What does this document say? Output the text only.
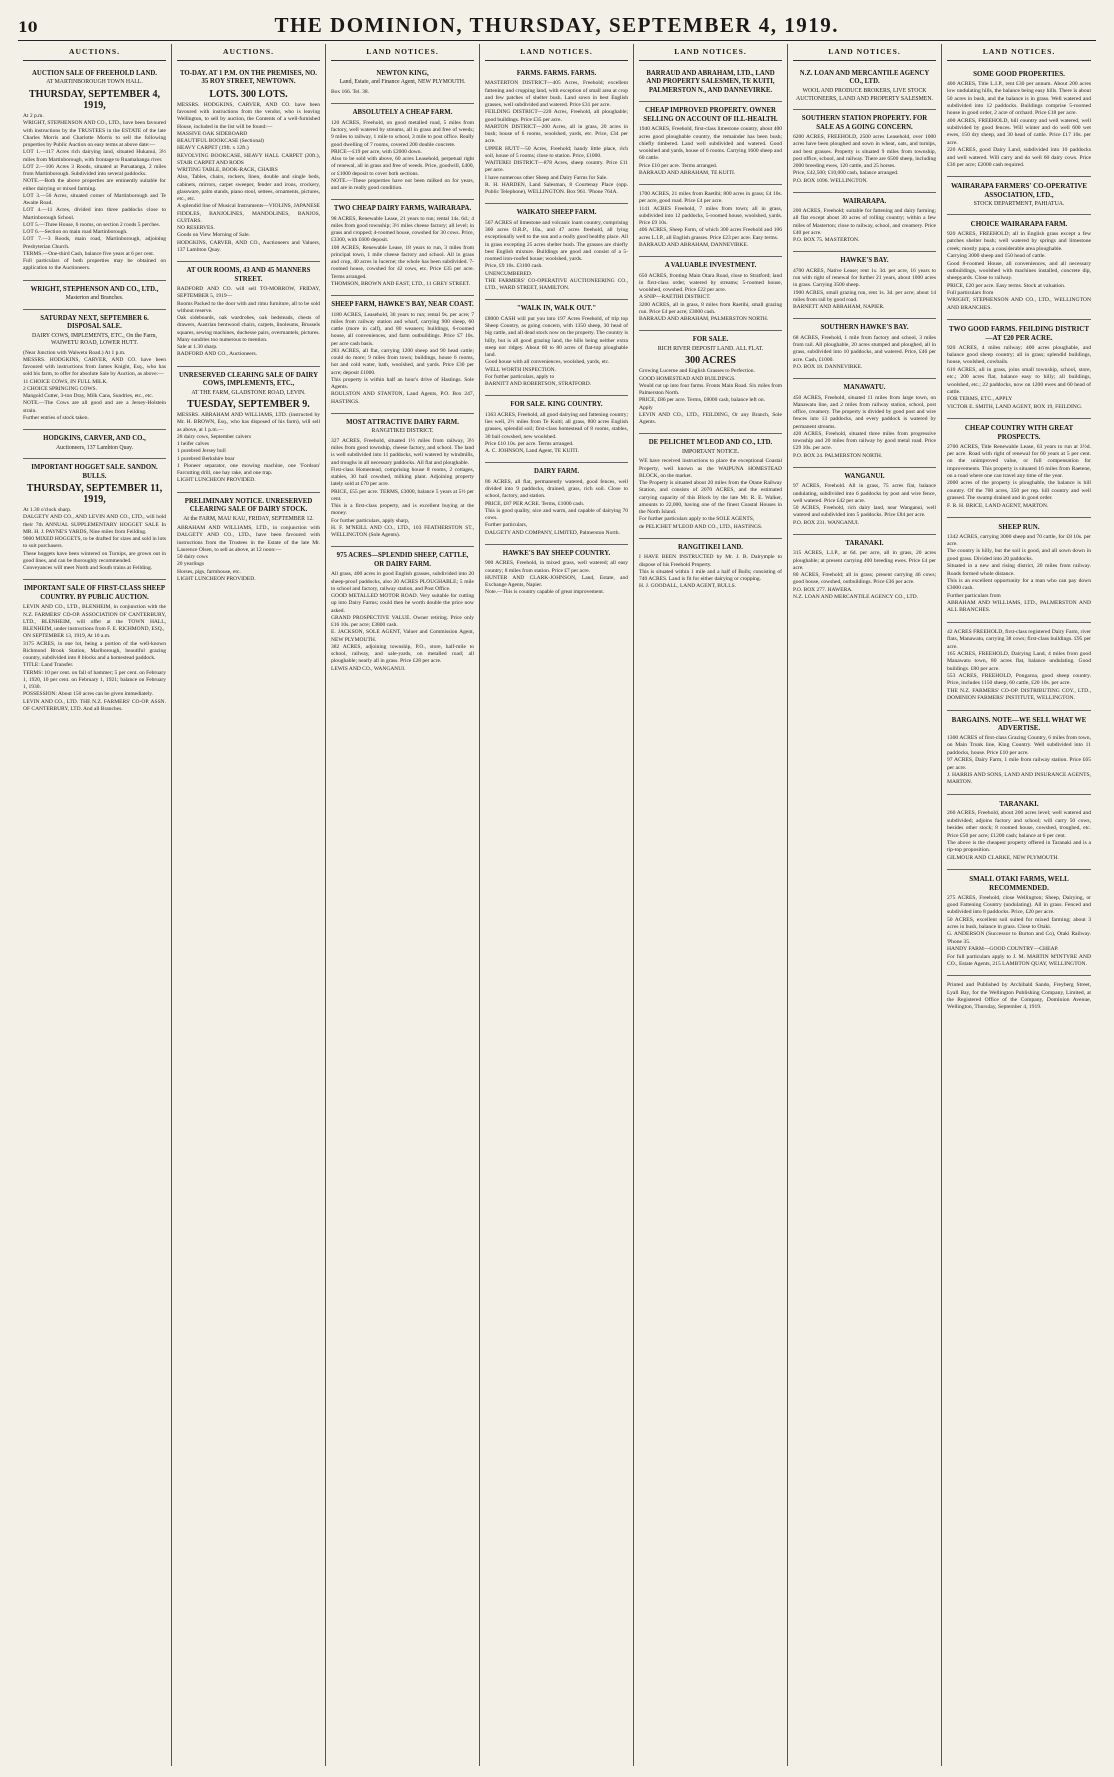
10	THE DOMINION, THURSDAY, SEPTEMBER 4, 1919.
AUCTIONS.
AUCTION SALE OF FREEHOLD LAND.
AT MARTINBOROUGH TOWN HALL.
THURSDAY, SEPTEMBER 4, 1919,
At 2 p.m.
WRIGHT, STEPHENSON AND CO., LTD., have been favoured with instructions by the TRUSTEES in the ESTATE of the late Charles Morris and Charlotte Morris to sell the following properties by Public Auction on easy terms at above date:—
LOT 1.—117 Acres rich dairying land, situated Hukanui, 3½ miles from Martinborough, with frontage to Ruamahanga river.
LOT 2.—106 Acres 3 Roods, situated at Puruatanga, 2 miles from Martinborough. Subdivided into several paddocks.
NOTE.—Both the above properties are eminently suitable for either dairying or mixed farming.
LOT 3.—56 Acres, situated corner of Martinborough and Te Awaite Road.
LOT 4.—11 Acres, divided into three paddocks close to Martinborough School.
LOT 5.—Three House, 6 rooms, on section 2 roods 5 perches.
LOT 6.—Section on main road Martinborough.
LOT 7.—3 Roods, main road, Martinborough, adjoining Presbyterian Church.
TERMS.—One-third Cash, balance five years at 6 per cent.
Full particulars of both properties may be obtained on application to the Auctioneers.
WRIGHT, STEPHENSON AND CO., LTD.,
Masterton and Branches.
SATURDAY NEXT, SEPTEMBER 6. DISPOSAL SALE.
DAIRY COWS, IMPLEMENTS, ETC., On the Farm, WAIWETU ROAD, LOWER HUTT.
(Near Junction with Waiwetu Road.) At 1 p.m.
MESSRS. HODGKINS, CARVER, AND CO. have been favoured with instructions from James Knight, Esq., who has sold his farm, to offer for absolute Sale by Auction, as above:—
11 CHOICE COWS, IN FULL MILK.
2 CHOICE SPRINGING COWS.
Mangold Cutter, 3-ton Dray, Milk Cans, Sundries, etc., etc.
NOTE.—The Cows are all good and are a Jersey-Holstein strain.
Further entries of stock taken.
HODGKINS, CARVER, AND CO.,
Auctioneers, 137 Lambton Quay.
IMPORTANT HOGGET SALE. SANDON. BULLS.
THURSDAY, SEPTEMBER 11, 1919,
At 1.30 o'clock sharp.
DALGETY AND CO., AND LEVIN AND CO., LTD., will hold their 7th ANNUAL SUPPLEMENTARY HOGGET SALE In MR. H. J. PAYNE'S YARDS, Nine miles from Feilding.
9000 MIXED HOGGETS, to be drafted for sizes and sold in lots to suit purchasers.
These hoggets have been wintered on Turnips, are grown out in good lines, and can be thoroughly recommended.
Conveyances will meet North and South trains at Feilding.
IMPORTANT SALE OF FIRST-CLASS SHEEP COUNTRY. BY PUBLIC AUCTION.
LEVIN AND CO., LTD., BLENHEIM, in conjunction with the N.Z. FARMERS' CO-OP. ASSOCIATION OF CANTERBURY, LTD., BLENHEIM, will offer at the TOWN HALL, BLENHEIM, under instructions from F. E. RICHMOND, ESQ.,
ON SEPTEMBER 13, 1919, At 10 a.m.
3175 ACRES, in one lot, being a portion of the well-known Richmond Brook Station, Marlborough, beautiful grazing country, subdivided into 8 blocks and a homestead paddock.
TITLE: Land Transfer.
TERMS: 10 per cent. on fall of hammer; 5 per cent. on February 1, 1920, 10 per cent. on February 1, 1921; balance on February 1, 1930.
POSSESSION: About 150 acres can be given immediately.
LEVIN AND CO., LTD. THE N.Z. FARMERS' CO-OP. ASSN. OF CANTERBURY, LTD. And all Branches.
AUCTIONS.
TO-DAY. AT 1 P.M. ON THE PREMISES, NO. 35 ROY STREET, NEWTOWN.
LOTS. 300 LOTS.
MESSRS. HODGKINS, CARVER, AND CO. have been favoured with instructions from the vendor, who is leaving Wellington, to sell by auction, the Contents of a well-furnished House, included in the list will be found:—
MASSIVE OAK SIDEBOARD
BEAUTIFUL BOOKCASE (Sectional)
HEAVY CARPET (19ft. x 12ft.)
REVOLVING BOOKCASE, HEAVY HALL CARPET (20ft.), STAIR CARPET AND RODS
WRITING TABLE, BOOK-RACK, CHAIRS
Also, Tables, chairs, rockers, linen, double and single beds, cabinets, mirrors, carpet sweeper, fender and irons, crockery, glassware, palm stands, piano stool, settees, ornaments, pictures, etc., etc.
A splendid line of Musical Instruments—VIOLINS, JAPANESE FIDDLES, BANJOLINES, MANDOLINES, BANJOS, GUITARS.
NO RESERVES.
Goods on View Morning of Sale.
HODGKINS, CARVER, AND CO., Auctioneers and Valuers, 137 Lambton Quay.
AT OUR ROOMS, 43 AND 45 MANNERS STREET.
RADFORD AND CO. will sell TO-MORROW, FRIDAY, SEPTEMBER 5, 1919—
Rooms Packed to the door with and rimu furniture, all to be sold without reserve.
Oak sideboards, oak wardrobes, oak bedsteads, chests of drawers, Austrian bentwood chairs, carpets, linoleums, Brussels squares, sewing machines, duchesse pairs, overmantels, pictures.
Many sundries too numerous to mention.
Sale at 1.30 sharp.
RADFORD AND CO., Auctioneers.
UNRESERVED CLEARING SALE OF DAIRY COWS, IMPLEMENTS, ETC.,
AT THE FARM, GLADSTONE ROAD, LEVIN.
TUESDAY, SEPTEMBER 9.
MESSRS. ABRAHAM AND WILLIAMS, LTD. (instructed by Mr. H. BROWN, Esq., who has disposed of his farm), will sell as above, at 1 p.m.—
28 dairy cows, September calvers
1 heifer calves
1 purebred Jersey bull
1 purebred Berkshire boar
1 Pioneer separator, one mowing machine, one 'Fordson' Farcutting drill, one hay rake, and one trap.
LIGHT LUNCHEON PROVIDED.
PRELIMINARY NOTICE. UNRESERVED CLEARING SALE OF DAIRY STOCK.
At the FARM, MAU KAU, FRIDAY, SEPTEMBER 12.
ABRAHAM AND WILLIAMS, LTD., in conjunction with DALGETY AND CO., LTD., have been favoured with instructions from the Trustees in the Estate of the late Mr. Laurence Olsen, to sell as above, at 12 noon:—
50 dairy cows
20 yearlings
Horses, pigs, farmhouse, etc.
LIGHT LUNCHEON PROVIDED.
LAND NOTICES.
NEWTON KING,
Land, Estate, and Finance Agent, NEW PLYMOUTH.
Box 166. Tel. 38.
ABSOLUTELY A CHEAP FARM.
120 ACRES, Freehold, on good metalled road, 5 miles from factory, well watered by streams, all in grass and free of weeds; 9 miles to railway, 1 mile to school, 3 mile to post office. Really good dwelling of 7 rooms, covered 200 double concrete.
PRICE—£19 per acre, with £2000 down.
Also to be sold with above, 60 acres Leasehold, perpetual right of renewal, all in grass and free of weeds. Price, goodwill, £400, or £1000 deposit to cover both sections.
NOTE.—These properties have not been milked on for years, and are in really good condition.
TWO CHEAP DAIRY FARMS, WAIRARAPA.
98 ACRES, Renewable Lease, 21 years to run; rental 14s. 6d.; 4 miles from good township; 3½ miles cheese factory; all level; in grass and cropped; 4-roomed house, cowshed for 30 cows. Price, £3300, with £600 deposit.
108 ACRES, Renewable Lease, 18 years to run, 3 miles from principal town, 1 mile cheese factory and school. All in grass and crop, 40 acres in lucerne; the whole has been subdivided. 7-roomed house, cowshed for 42 cows, etc. Price £35 per acre. Terms arranged.
THOMSON, BROWN AND EAST, LTD., 11 GREY STREET.
SHEEP FARM, HAWKE'S BAY, NEAR COAST.
1180 ACRES, Leasehold, 36 years to run; rental 9s. per acre; 7 miles from railway station and wharf, carrying 900 sheep, 60 cattle (more in calf), and 80 weaners; buildings, 6-roomed house, all conveniences, and farm outbuildings. Price £7 10s. per acre cash basis.
283 ACRES, all flat, carrying 1200 sheep and 90 head cattle; could do more; 9 miles from town; buildings, house 6 rooms, hot and cold water, bath, woolshed, and yards. Price £30 per acre; deposit £1000.
This property is within half an hour's drive of Hastings. Sole Agents.
ROULSTON AND STANTON, Land Agents, P.O. Box 247, HASTINGS.
MOST ATTRACTIVE DAIRY FARM.
RANGITIKEI DISTRICT.
327 ACRES, Freehold, situated 1½ miles from railway, 3½ miles from good township, cheese factory, and school. The land is well subdivided into 11 paddocks, well watered by windmills, and troughs in all necessary paddocks. All flat and ploughable.
First-class Homestead, comprising house 8 rooms, 2 cottages, stables, 30 bail cowshed, milking plant. Adjoining property lately sold at £70 per acre.
PRICE, £55 per acre. TERMS, £3000, balance 5 years at 5½ per cent.
This is a first-class property, and is excellent buying at the money.
For further particulars, apply sharp,
H. F. M'NEILL AND CO., LTD., 103 FEATHERSTON ST., WELLINGTON (Sole Agents).
975 ACRES—SPLENDID SHEEP, CATTLE, OR DAIRY FARM.
All grass, 400 acres in good English grasses, subdivided into 20 sheep-proof paddocks, also 20 ACRES PLOUGHABLE; 5 mile to school and factory, railway station, and Post Office.
GOOD METALLED MOTOR ROAD. Very suitable for cutting up into Dairy Farms; could then be worth double the price now asked.
GRAND PROSPECTIVE VALUE. Owner retiring. Price only £16 10s. per acre; £3800 cash.
E. JACKSON, SOLE AGENT, Valuer and Commission Agent, NEW PLYMOUTH.
382 ACRES, adjoining township, P.O., store, half-mile to school, railway, and sale-yards, on metalled road; all ploughable; nearly all in grass. Price £28 per acre.
LEWIS AND CO., WANGANUI.
LAND NOTICES.
FARMS. FARMS. FARMS.
MASTERTON DISTRICT—405 Acres, Freehold; excellent fattening and cropping land, with exception of small area at crop and few patches of shelter bush. Land sown in best English grasses, well subdivided and watered. Price £31 per acre.
FEILDING DISTRICT—220 Acres, Freehold, all ploughable; good buildings. Price £35 per acre.
MARTON DISTRICT—200 Acres, all in grass, 20 acres in bush; house of 6 rooms, woolshed, yards, etc. Price, £34 per acre.
UPPER HUTT—50 Acres, Freehold; handy little place, rich soil, house of 5 rooms; close to station. Price, £1000.
WAITEREI DISTRICT—878 Acres, sheep country. Price £11 per acre.
I have numerous other Sheep and Dairy Farms for Sale.
R. H. HARDEN, Land Salesman, 8 Courtenay Place (opp. Public Telephone), WELLINGTON. Box 961. 'Phone 764A.
WAIKATO SHEEP FARM.
567 ACRES of limestone and volcanic loam country, comprising 360 acres O.R.P., 10a., and 47 acres freehold, all lying exceptionally well to the sun and a really good healthy place. All in grass excepting 25 acres shelter bush. The grasses are chiefly best English mixture. Buildings are good and consist of a 5-roomed iron-roofed house; woolshed, yards.
Price, £9 10s. £3100 cash.
UNENCUMBERED.
THE FARMERS' CO-OPERATIVE AUCTIONEERING CO., LTD., WARD STREET, HAMILTON.
"WALK IN, WALK OUT."
£8000 CASH will put you into 197 Acres Freehold, of trip top Sheep Country, as going concern, with 1350 sheep, 30 head of big cattle, and all dead stock now on the property. The country is hilly, but is all good grazing land, the hills being neither extra steep nor ridgey. About 60 to 80 acres of flat-top ploughable land.
Good house with all conveniences, woolshed, yards, etc.
WELL WORTH INSPECTION.
For further particulars, apply to
BARNITT AND ROBERTSON, STRATFORD.
FOR SALE. KING COUNTRY.
1363 ACRES, Freehold, all good dairying and fattening country; lies well, 2½ miles from Te Kuiti; all grass, 800 acres English grasses, splendid soil; first-class homestead of 8 rooms, stables, 30 bail cowshed, new woolshed.
Price £10 10s. per acre. Terms arranged.
A. C. JOHNSON, Land Agent, TE KUITI.
DAIRY FARM.
86 ACRES, all flat, permanently watered, good fences, well divided into 9 paddocks, drained, grass, rich soil. Close to school, factory, and station.
PRICE, £87 PER ACRE. Terms, £1000 cash.
This is good quality, nice and warm, and capable of dairying 70 cows.
Further particulars,
DALGETY AND COMPANY, LIMITED, Palmerston North.
HAWKE'S BAY SHEEP COUNTRY.
900 ACRES, Freehold, in mixed grass, well watered; all easy country; 8 miles from station. Price £7 per acre.
HUNTER AND CLARK-JOHNSON, Land, Estate, and Exchange Agents, Napier.
Note.—This is country capable of great improvement.
LAND NOTICES.
BARRAUD AND ABRAHAM, LTD., LAND AND PROPERTY SALESMEN, TE KUITI, PALMERSTON N., AND DANNEVIRKE.
CHEAP IMPROVED PROPERTY. OWNER SELLING ON ACCOUNT OF ILL-HEALTH.
1940 ACRES, Freehold, first-class limestone country, about 400 acres good ploughable country, the remainder has been bush; chiefly timbered. Land well subdivided and watered. Good woolshed and yards, house of 6 rooms. Carrying 1600 sheep and 60 cattle.
Price £10 per acre. Terms arranged.
BARRAUD AND ABRAHAM, TE KUITI.
1700 ACRES, 21 miles from Raetihi; 800 acres in grass; £4 10s. per acre, good road. Price £4 per acre.
1141 ACRES Freehold, 7 miles from town; all in grass, subdivided into 12 paddocks, 5-roomed house, woolshed, yards. Price £9 10s.
406 ACRES, Sheep Farm, of which 300 acres Freehold and 106 acres L.I.P., all English grasses. Price £23 per acre. Easy terms.
BARRAUD AND ABRAHAM, DANNEVIRKE.
A VALUABLE INVESTMENT.
650 ACRES, fronting Main Otara Road, close to Stratford; land in first-class order, watered by streams; 5-roomed house, woolshed, cowshed. Price £22 per acre.
A SNIP—RAETIHI DISTRICT.
3200 ACRES, all in grass, 8 miles from Raetihi, small grazing run. Price £4 per acre; £3000 cash.
BARRAUD AND ABRAHAM, PALMERSTON NORTH.
FOR SALE.
RICH RIVER DEPOSIT LAND. ALL FLAT.
300 ACRES
Growing Lucerne and English Grasses to Perfection.
GOOD HOMESTEAD AND BUILDINGS.
Would cut up into four farms. Fronts Main Road. Six miles from Palmerston North.
PRICE, £86 per acre. Terms, £8000 cash, balance left on.
Apply
LEVIN AND CO., LTD., FEILDING, Or any Branch, Sole Agents.
DE PELICHET M'LEOD AND CO., LTD.
IMPORTANT NOTICE.
WE have received instructions to place the exceptional Coastal Property, well known as the WAIPUNA HOMESTEAD BLOCK, on the market.
The Property is situated about 20 miles from the Otane Railway Station, and consists of 2070 ACRES, and the estimated carrying capacity of this Block by the late Mr. R. E. Walker, amounts to 22,000, having one of the finest Coastal Houses in the North Island.
For further particulars apply to the SOLE AGENTS,
de PELICHET M'LEOD AND CO., LTD., HASTINGS.
RANGITIKEI LAND.
I HAVE BEEN INSTRUCTED by Mr. J. B. Dalrymple to dispose of his Freehold Property.
This is situated within 1 mile and a half of Bulls; consisting of 740 ACRES. Land is fit for either dairying or cropping.
H. J. GOODALL, LAND AGENT, BULLS.
LAND NOTICES.
N.Z. LOAN AND MERCANTILE AGENCY CO., LTD.
WOOL AND PRODUCE BROKERS, LIVE STOCK AUCTIONEERS, LAND AND PROPERTY SALESMEN.
SOUTHERN STATION PROPERTY. FOR SALE AS A GOING CONCERN.
6200 ACRES, FREEHOLD, 2500 acres Leasehold, over 1000 acres have been ploughed and sown in wheat, oats, and turnips, and best grasses. Property is situated 9 miles from township, post office, school, and railway. There are 6500 sheep, including 2000 breeding ewes, 120 cattle, and 25 horses.
Price, £42,500; £10,000 cash, balance arranged.
P.O. BOX 1096. WELLINGTON.
WAIRARAPA.
200 ACRES, Freehold; suitable for fattening and dairy farming; all flat except about 30 acres of rolling country; within a few miles of Masterton; close to railway, school, and creamery. Price £40 per acre.
P.O. BOX 75. MASTERTON.
HAWKE'S BAY.
4700 ACRES, Native Lease; rent 1s. 3d. per acre, 16 years to run with right of renewal for further 21 years, about 1000 acres in grass. Carrying 3500 sheep.
1900 ACRES, small grazing run, rent 1s. 3d. per acre; about 14 miles from rail by good road.
BARNETT AND ABRAHAM, NAPIER.
SOUTHERN HAWKE'S BAY.
68 ACRES, Freehold, 1 mile from factory and school, 3 miles from rail. All ploughable, 20 acres stumped and ploughed, all in grass, subdivided into 10 paddocks, and watered. Price, £46 per acre. Cash, £1000.
P.O. BOX 18. DANNEVIRKE.
MANAWATU.
450 ACRES, Freehold, situated 11 miles from large town, on Manawatu line, and 2 miles from railway station, school, post office, creamery. The property is divided by good post and wire fences into 13 paddocks, and every paddock is watered by permanent streams.
420 ACRES, Freehold, situated three miles from progressive township and 20 miles from railway by good metal road. Price £29 10s. per acre.
P.O. BOX 24. PALMERSTON NORTH.
WANGANUI.
97 ACRES, Freehold. All in grass, 75 acres fiat, balance undulating, subdivided into 6 paddocks by post and wire fence, well watered. Price £42 per acre.
50 ACRES, Freehold, rich dairy land, near Wanganui, well watered and subdivided into 5 paddocks. Price £84 per acre.
P.O. BOX 231. WANGANUI.
TARANAKI.
315 ACRES, L.I.P., at 6d. per acre, all in grass, 20 acres ploughable; at present carrying 400 breeding ewes. Price £4 per acre.
80 ACRES, Freehold; all in grass; present carrying 46 cows; good house, cowshed, outbuildings. Price £36 per acre.
P.O. BOX 277. HAWERA.
N.Z. LOAN AND MERCANTILE AGENCY CO., LTD.
LAND NOTICES.
SOME GOOD PROPERTIES.
400 ACRES, Title L.I.P., rent £30 per annum. About 200 acres low undulating hills, the balance being easy hills. There is about 50 acres in bush, and the balance is in grass. Well watered and subdivided into 12 paddocks. Buildings comprise 5-roomed house in good order, 2 acre of orchard. Price £18 per acre.
400 ACRES, FREEHOLD, hill country and well watered, well subdivided by good fences. Will winter and do well 600 wet ewes, 150 dry sheep, and 30 head of cattle. Price £17 10s. per acre.
220 ACRES, good Dairy Land, subdivided into 10 paddocks and well watered. Will carry and do well 60 dairy cows. Price £36 per acre; £2000 cash required.
WAIRARAPA FARMERS' CO-OPERATIVE ASSOCIATION, LTD.,
STOCK DEPARTMENT, PAHIATUA.
CHOICE WAIRARAPA FARM.
920 ACRES, FREEHOLD; all in English grass except a few patches shelter bush; well watered by springs and limestone creek; mostly papa, a considerable area ploughable.
Carrying 3000 sheep and 150 head of cattle.
Good 8-roomed House, all conveniences, and all necessary outbuildings, woolshed with machines installed, concrete dip, sheepyards. Close to railway.
PRICE, £20 per acre. Easy terms. Stock at valuation.
Full particulars from
WRIGHT, STEPHENSON AND CO., LTD., WELLINGTON AND BRANCHES.
TWO GOOD FARMS. FEILDING DISTRICT—AT £20 PER ACRE.
920 ACRES, 4 miles railway; 400 acres ploughable, and balance good sheep country; all in grass; splendid buildings, house, woolshed, cowbails.
610 ACRES, all in grass, joins small township, school, store, etc.; 200 acres flat, balance easy to hilly; all buildings, woolshed, etc.; 22 paddocks, now on 1200 ewes and 60 head of cattle.
FOR TERMS, ETC., APPLY
VICTOR E. SMITH, LAND AGENT, BOX 19, FEILDING.
CHEAP COUNTRY WITH GREAT PROSPECTS.
2700 ACRES, Title Renewable Lease, 63 years to run at 3½d. per acre. Road with right of renewal for 60 years at 5 per cent. on the unimproved value, or full compensation for improvements. This property is situated 16 miles from Raetene, on a road where one can travel any time of the year.
2000 acres of the property is ploughable, the balance is hill country. Of the 700 acres, 350 per rep. hill country and well grassed. The swamp drained and in good order.
F. R. H. BRICE, LAND AGENT, MARTON.
SHEEP RUN.
1342 ACRES, carrying 3000 sheep and 70 cattle, for £8 10s. per acre.
The country is hilly, but the soil is good, and all sown down in good grass. Divided into 20 paddocks.
Situated in a new and rising district, 20 miles from railway. Roads formed whole distance.
This is an excellent opportunity for a man who can pay down £3000 cash.
Further particulars from
ABRAHAM AND WILLIAMS, LTD., PALMERSTON AND ALL BRANCHES.
42 ACRES FREEHOLD, first-class registered Dairy Farm, river flats, Manawatu, carrying 38 cows; first-class buildings. £95 per acre.
165 ACRES, FREEHOLD, Dairying Land, 4 miles from good Manawatu town, 80 acres flat, balance undulating. Good buildings. £80 per acre.
553 ACRES, FREEHOLD, Pongaroa, good sheep country. Price, includes 1150 sheep, 60 cattle, £20 10s. per acre.
THE N.Z. FARMERS' CO-OP. DISTRIBUTING COY., LTD., DOMINION FARMERS' INSTITUTE, WELLINGTON.
BARGAINS. NOTE—WE SELL WHAT WE ADVERTISE.
1300 ACRES of first-class Grazing Country, 6 miles from town, on Main Trunk line, King Country. Well subdivided into 11 paddocks, house. Price £10 per acre.
97 ACRES, Dairy Farm, 1 mile from railway station. Price £65 per acre.
J. HARRIS AND SONS, LAND AND INSURANCE AGENTS, MARTON.
TARANAKI.
260 ACRES, Freehold, about 200 acres level; well watered and subdivided; adjoins factory and school; will carry 50 cows, besides other stock; 8 roomed house, cowshed, troughed, etc. Price £50 per acre; £1200 cash; balance at 6 per cent.
The above is the cheapest property offered in Taranaki and is a tip-top proposition.
GILMOUR AND CLARKE, NEW PLYMOUTH.
SMALL OTAKI FARMS, WELL RECOMMENDED.
275 ACRES, Freehold, close Wellington; Sheep, Dairying, or good Fattening Country (undulating). All in grass. Fenced and subdivided into 8 paddocks. Price, £20 per acre.
50 ACRES, excellent soil suited for mixed farming; about 3 acres in bush, balance in grass. Close to Otaki.
G. ANDERSON (Successor to Burton and Co), Otaki Railway. 'Phone 35.
HANDY FARM—GOOD COUNTRY—CHEAP.
For full particulars apply to J. M. MARTIN M'INTYRE AND CO., Estate Agents, 215 LAMBTON QUAY, WELLINGTON.
Printed and Published by Archibald Sando, Freyberg Street, Lyall Bay, for the Wellington Publishing Company, Limited, at the Registered Office of the Company, Dominion Avenue, Wellington, Thursday, September 4, 1919.
